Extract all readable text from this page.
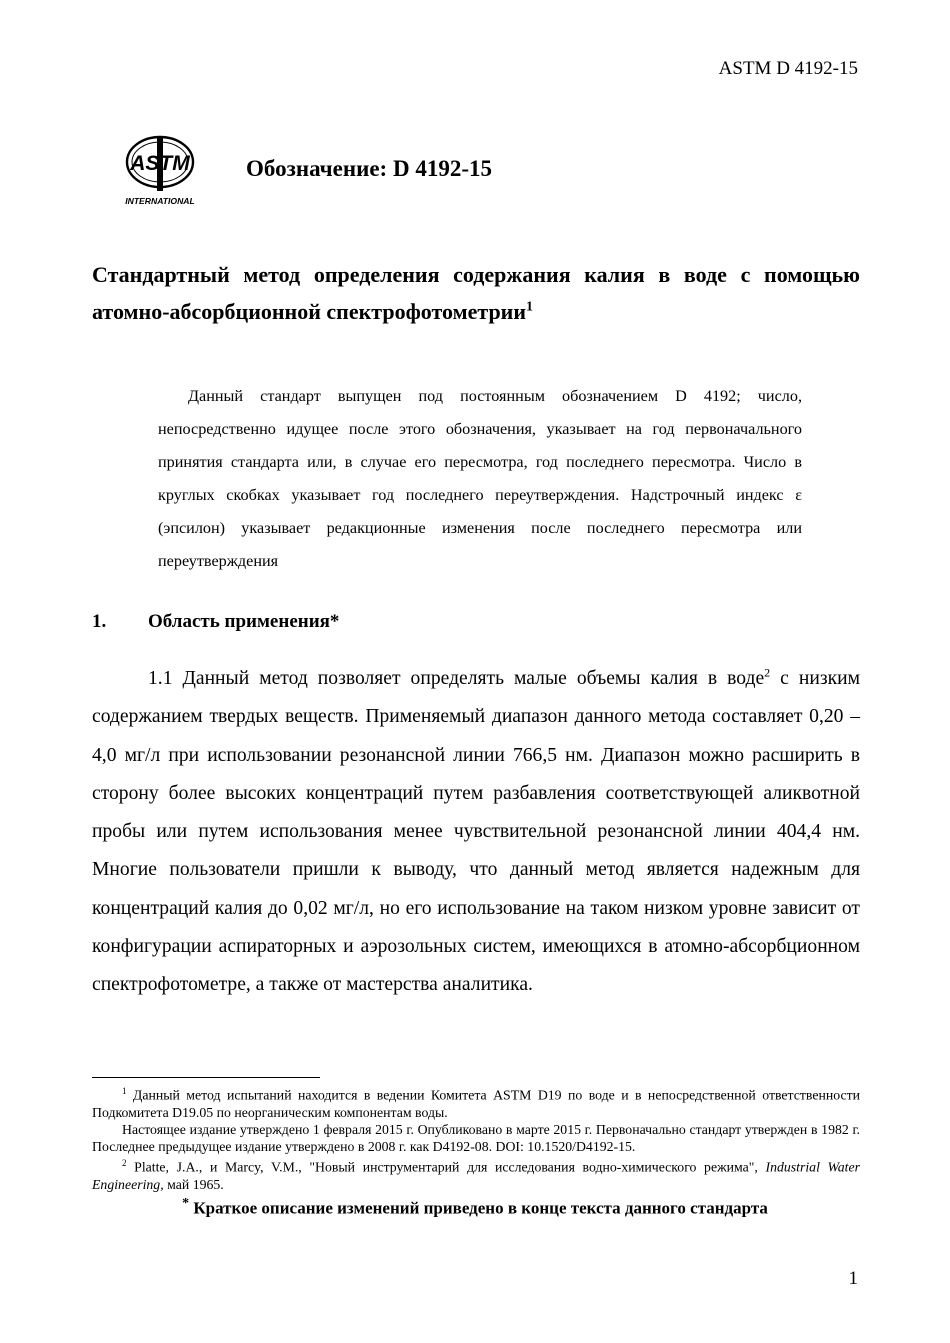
ASTM D 4192-15
ASTM
INTERNATIONAL
Обозначение: D 4192-15
Стандартный метод определения содержания калия в воде с помощью атомно-абсорбционной спектрофотометрии$^1$
Данный стандарт выпущен под постоянным обозначением D 4192; число, непосредственно идущее после этого обозначения, указывает на год первоначального принятия стандарта или, в случае его пересмотра, год последнего пересмотра. Число в круглых скобках указывает год последнего переутверждения. Надстрочный индекс ε (эпсилон) указывает редакционные изменения после последнего пересмотра или переутверждения
1. Область применения*
1.1 Данный метод позволяет определять малые объемы калия в воде$^2$ с низким содержанием твердых веществ. Применяемый диапазон данного метода составляет 0,20 – 4,0 мг/л при использовании резонансной линии 766,5 нм. Диапазон можно расширить в сторону более высоких концентраций путем разбавления соответствующей аликвотной пробы или путем использования менее чувствительной резонансной линии 404,4 нм. Многие пользователи пришли к выводу, что данный метод является надежным для концентраций калия до 0,02 мг/л, но его использование на таком низком уровне зависит от конфигурации аспираторных и аэрозольных систем, имеющихся в атомно-абсорбционном спектрофотометре, а также от мастерства аналитика.

$^1$ Данный метод испытаний находится в ведении Комитета ASTM D19 по воде и в непосредственной ответственности Подкомитета D19.05 по неорганическим компонентам воды.

Настоящее издание утверждено 1 февраля 2015 г. Опубликовано в марте 2015 г. Первоначально стандарт утвержден в 1982 г. Последнее предыдущее издание утверждено в 2008 г. как D4192-08. DOI: 10.1520/D4192-15.

$^2$ Platte, J.A., и Marcy, V.M., "Новый инструментарий для исследования водно-химического режима", Industrial Water Engineering, май 1965.

* Краткое описание изменений приведено в конце текста данного стандарта
1
